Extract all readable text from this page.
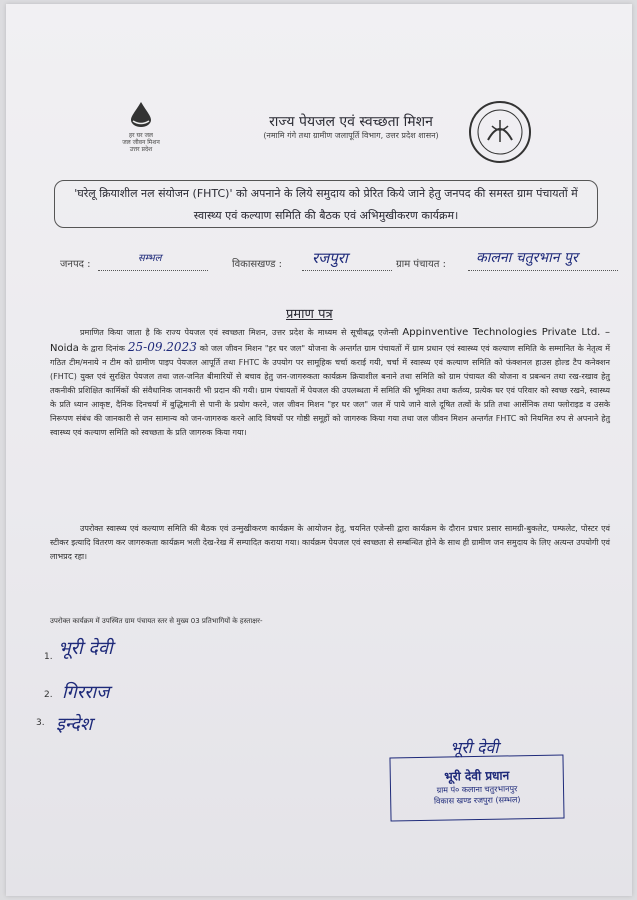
हर घर जल
जल जीवन मिशन
उत्तर प्रदेश
राज्य पेयजल एवं स्वच्छता मिशन
(नमामि गंगे तथा ग्रामीण जलापूर्ति विभाग, उत्तर प्रदेश शासन)
'घरेलू क्रियाशील नल संयोजन (FHTC)' को अपनाने के लिये समुदाय को प्रेरित किये जाने हेतु जनपद की समस्त ग्राम पंचायतों में स्वास्थ्य एवं कल्याण समिति की बैठक एवं अभिमुखीकरण कार्यक्रम।
जनपद :
सम्भल
विकासखण्ड : रजपुरा	ग्राम पंचायत : कालना चतुरभान पुर
प्रमाण पत्र
प्रमाणित किया जाता है कि राज्य पेयजल एवं स्वच्छता मिशन, उत्तर प्रदेश के माध्यम से सूचीबद्ध एजेन्सी Appinventive Technologies Private Ltd. – Noida के द्वारा दिनांक 25-09.2023 को जल जीवन मिशन "हर घर जल" योजना के अन्तर्गत ग्राम पंचायतों में ग्राम प्रधान एवं स्वास्थ्य एवं कल्याण समिति के सम्मानित के नेतृत्व में गठित टीम/मनाये न टीम को ग्रामीण पाइप पेयजल आपूर्ति तथा FHTC के उपयोग पर सामूहिक चर्चा कराई गयी, चर्चा में स्वास्थ्य एवं कल्याण समिति को फंक्शनल हाउस होल्ड टैप कनेक्शन (FHTC) युक्त एवं सुरक्षित पेयजल तथा जल-जनित बीमारियों से बचाव हेतु जन-जागरुकता कार्यक्रम क्रियाशील बनाने तथा समिति को ग्राम पंचायत की योजना व प्रबन्धन तथा रख-रखाव हेतु तकनीकी प्रशिक्षित कार्मिकों की संवैधानिक जानकारी भी प्रदान की गयी। ग्राम पंचायतों में पेयजल की उपलब्धता में समिति की भूमिका तथा कर्तव्य, प्रत्येक घर एवं परिवार को स्वच्छ रखने, स्वास्थ्य के प्रति ध्यान आकृष्ट, दैनिक दिनचर्या में बुद्धिमानी से पानी के प्रयोग करने, जल जीवन मिशन "हर घर जल" जल में पाये जाने वाले दूषित तत्वों के प्रति तथा आर्सेनिक तथा फ्लोराइड व उसके निरूपण संबंध की जानकारी से जन सामान्य को जन-जागरुक करने आदि विषयों पर गोष्ठी समूहों को जागरुक किया गया तथा जल जीवन मिशन अन्तर्गत FHTC को नियमित रुप से अपनाने हेतु स्वास्थ्य एवं कल्याण समिति को स्वच्छता के प्रति जागरुक किया गया।
उपरोक्त स्वास्थ्य एवं कल्याण समिति की बैठक एवं उन्मुखीकरण कार्यक्रम के आयोजन हेतु, चयनित एजेन्सी द्वारा कार्यक्रम के दौरान प्रचार प्रसार सामग्री-बुकलेट, पम्फलेट, पोस्टर एवं स्टीकर इत्यादि वितरण कर जागरुकता कार्यक्रम भली देख-रेख में सम्पादित कराया गया। कार्यक्रम पेयजल एवं स्वच्छता से सम्बन्धित होने के साथ ही ग्रामीण जन समुदाय के लिए अत्यन्त उपयोगी एवं लाभप्रद रहा।
उपरोक्त कार्यक्रम में उपस्थित ग्राम पंचायत स्तर से मुख्य 03 प्रतिभागियों के हस्ताक्षर-
1. भूरी देवी
2. गिरराज
3. इन्देश
भूरी देवी
भूरी देवी प्रधान
ग्राम पं० कलाना चतुरभानपुर
विकास खण्ड रजपुरा (सम्भल)
